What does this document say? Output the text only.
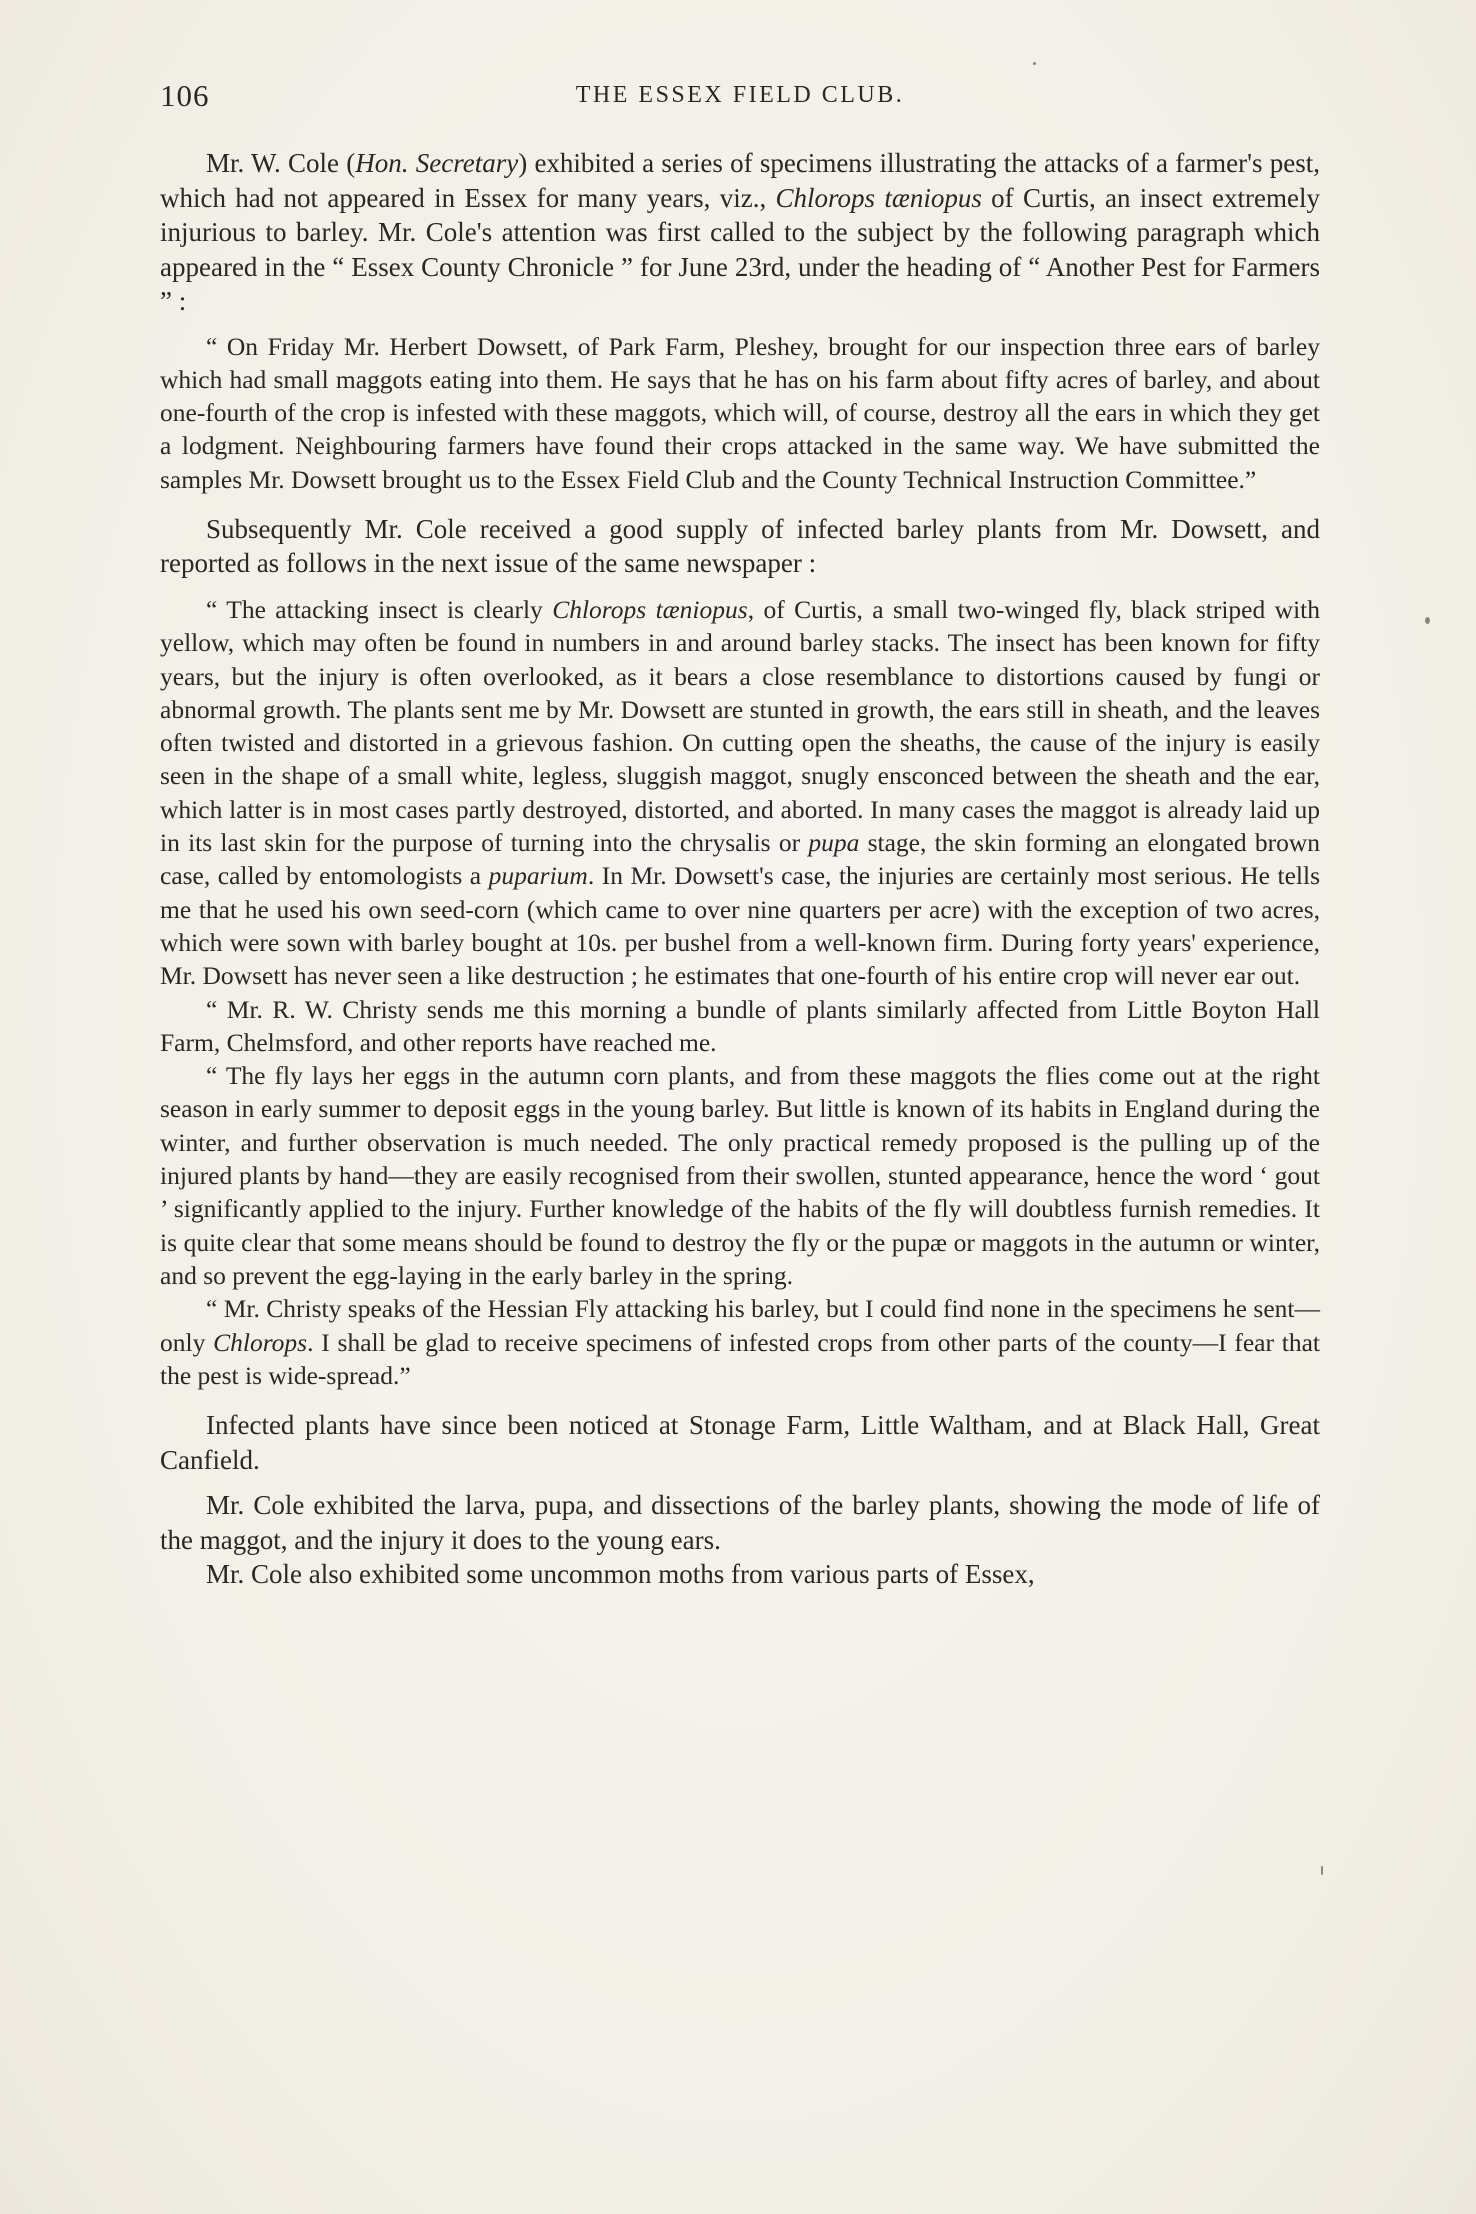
106	THE ESSEX FIELD CLUB.

Mr. W. Cole (Hon. Secretary) exhibited a series of specimens illustrating the attacks of a farmer's pest, which had not appeared in Essex for many years, viz., Chlorops tæniopus of Curtis, an insect extremely injurious to barley. Mr. Cole's attention was first called to the subject by the following paragraph which appeared in the “ Essex County Chronicle ” for June 23rd, under the heading of “ Another Pest for Farmers ” :

“ On Friday Mr. Herbert Dowsett, of Park Farm, Pleshey, brought for our inspection three ears of barley which had small maggots eating into them. He says that he has on his farm about fifty acres of barley, and about one-fourth of the crop is infested with these maggots, which will, of course, destroy all the ears in which they get a lodgment. Neighbouring farmers have found their crops attacked in the same way. We have submitted the samples Mr. Dowsett brought us to the Essex Field Club and the County Technical Instruction Committee.”

Subsequently Mr. Cole received a good supply of infected barley plants from Mr. Dowsett, and reported as follows in the next issue of the same newspaper :

“ The attacking insect is clearly Chlorops tæniopus, of Curtis, a small two-winged fly, black striped with yellow, which may often be found in numbers in and around barley stacks. The insect has been known for fifty years, but the injury is often overlooked, as it bears a close resemblance to distortions caused by fungi or abnormal growth. The plants sent me by Mr. Dowsett are stunted in growth, the ears still in sheath, and the leaves often twisted and distorted in a grievous fashion. On cutting open the sheaths, the cause of the injury is easily seen in the shape of a small white, legless, sluggish maggot, snugly ensconced between the sheath and the ear, which latter is in most cases partly destroyed, distorted, and aborted. In many cases the maggot is already laid up in its last skin for the purpose of turning into the chrysalis or pupa stage, the skin forming an elongated brown case, called by entomologists a puparium. In Mr. Dowsett's case, the injuries are certainly most serious. He tells me that he used his own seed-corn (which came to over nine quarters per acre) with the exception of two acres, which were sown with barley bought at 10s. per bushel from a well-known firm. During forty years' experience, Mr. Dowsett has never seen a like destruction ; he estimates that one-fourth of his entire crop will never ear out.

“ Mr. R. W. Christy sends me this morning a bundle of plants similarly affected from Little Boyton Hall Farm, Chelmsford, and other reports have reached me.

“ The fly lays her eggs in the autumn corn plants, and from these maggots the flies come out at the right season in early summer to deposit eggs in the young barley. But little is known of its habits in England during the winter, and further observation is much needed. The only practical remedy proposed is the pulling up of the injured plants by hand—they are easily recognised from their swollen, stunted appearance, hence the word ‘ gout ’ significantly applied to the injury. Further knowledge of the habits of the fly will doubtless furnish remedies. It is quite clear that some means should be found to destroy the fly or the pupæ or maggots in the autumn or winter, and so prevent the egg-laying in the early barley in the spring.

“ Mr. Christy speaks of the Hessian Fly attacking his barley, but I could find none in the specimens he sent—only Chlorops. I shall be glad to receive specimens of infested crops from other parts of the county—I fear that the pest is wide-spread.”

Infected plants have since been noticed at Stonage Farm, Little Waltham, and at Black Hall, Great Canfield.

Mr. Cole exhibited the larva, pupa, and dissections of the barley plants, showing the mode of life of the maggot, and the injury it does to the young ears.

Mr. Cole also exhibited some uncommon moths from various parts of Essex,
